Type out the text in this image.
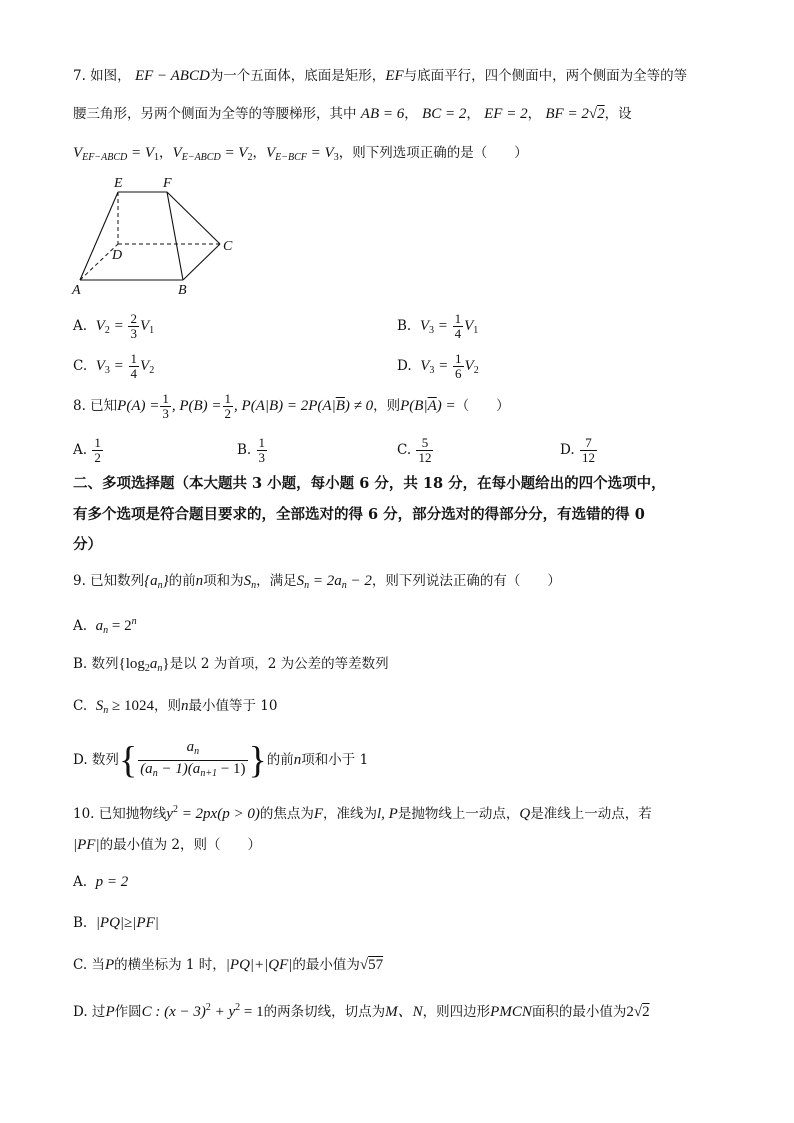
7. 如图， EF − ABCD为一个五面体，底面是矩形，EF与底面平行，四个侧面中，两个侧面为全等的等
腰三角形，另两个侧面为全等的等腰梯形，其中 AB = 6， BC = 2， EF = 2， BF = 2√2，设
$V_{EF-ABCD} = V_1$，$V_{E-ABCD} = V_2$，$V_{E-BCF} = V_3$，则下列选项正确的是（　　）
E	F
D
C
A	B
A. $V_2 = \frac{2}{3} V_1$	B. $V_3 = \frac{1}{4} V_1$
C. $V_3 = \frac{1}{4} V_2$	D. $V_3 = \frac{1}{6} V_2$
8. 已知$P(A) = \frac{1}{3}$ , $P(B) = \frac{1}{2}$ , $P(A|B) = 2P(A|\overline{B}) \ne 0$，则$P(B|\overline{A})$ =（　　）
A. $\frac{1}{2}$	B. $\frac{1}{3}$	C. $\frac{5}{12}$	D. $\frac{7}{12}$
二、多项选择题（本大题共 3 小题，每小题 6 分，共 18 分，在每小题给出的四个选项中，
有多个选项是符合题目要求的，全部选对的得 6 分，部分选对的得部分分，有选错的得 0
分）
9. 已知数列$\{a_n\}$的前n项和为$S_n$，满足$S_n = 2a_n - 2$，则下列说法正确的有（　　）
A. $a_n = 2^n$
B. 数列$\{\log_2a_n\}$是以 2 为首项，2 为公差的等差数列
C. $S_n \ge 1024$，则n最小值等于 10
D. 数列{ $\frac{a_n}{(a_n - 1)(a_{n+1} - 1)}$ }的前n项和小于 1
10. 已知抛物线$y^2 = 2px(p > 0)$的焦点为F，准线为l, P是抛物线上一动点，Q是准线上一动点，若
|PF|的最小值为 2，则（　　）
A. p = 2
B. |PQ|≥|PF|
C. 当P的横坐标为 1 时，|PQ|+|QF|的最小值为√57
D. 过P作圆C : $(x - 3)^2 + y^2 = 1$的两条切线，切点为M、N，则四边形PMCN面积的最小值为2√2
